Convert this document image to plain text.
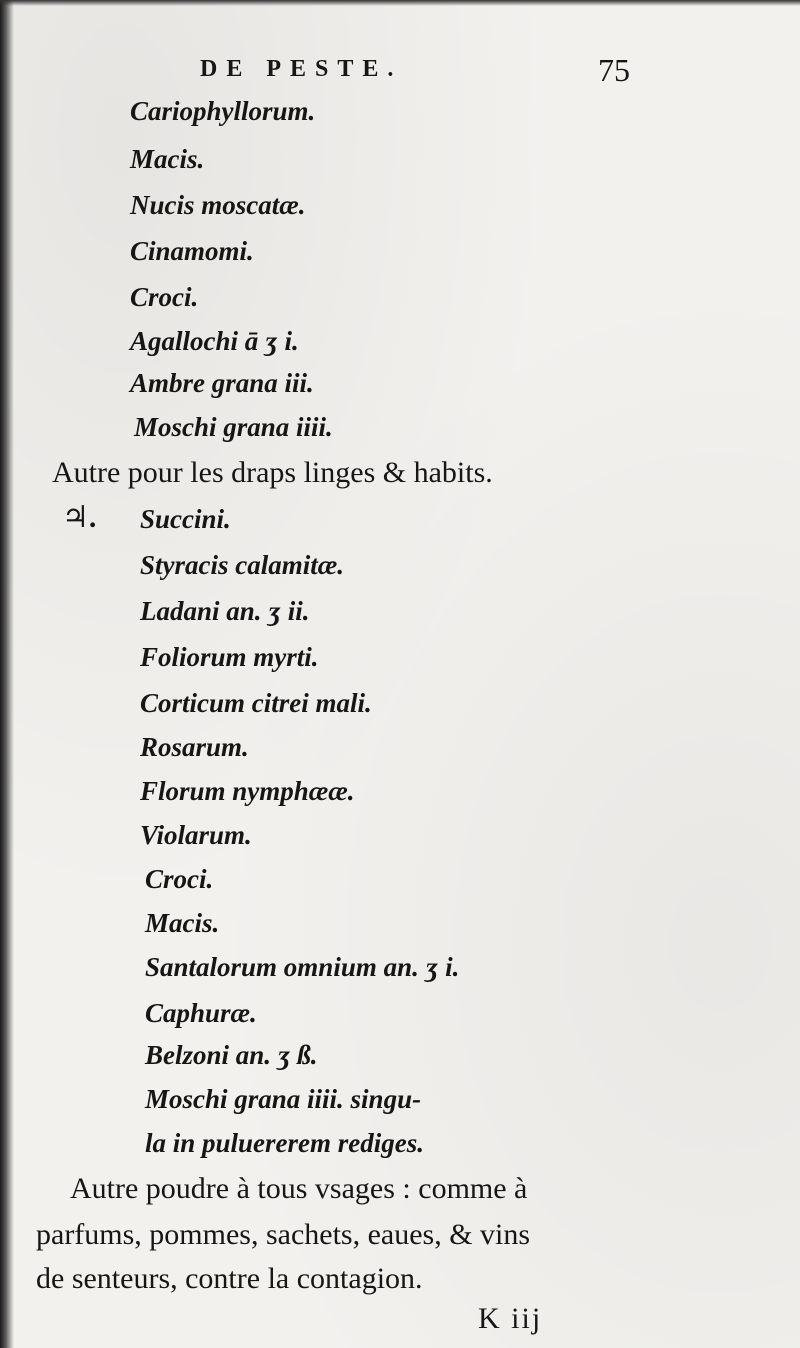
DE PESTE.	75
Cariophyllorum.
Macis.
Nucis moscatæ.
Cinamomi.
Croci.
Agallochi ā ʒ i.
Ambre grana iii.
Moschi grana iiii.
Autre pour les draps linges & habits.
♃. Succini.
Styracis calamitæ.
Ladani an. ʒ ii.
Foliorum myrti.
Corticum citrei mali.
Rosarum.
Florum nymphææ.
Violarum.
Croci.
Macis.
Santalorum omnium an. ʒ i.
Caphuræ.
Belzoni an. ʒ ß.
Moschi grana iiii. singu-
la in puluererem rediges.
Autre poudre à tous vsages : comme à
parfums, pommes, sachets, eaues, & vins
de senteurs, contre la contagion.
K iij
